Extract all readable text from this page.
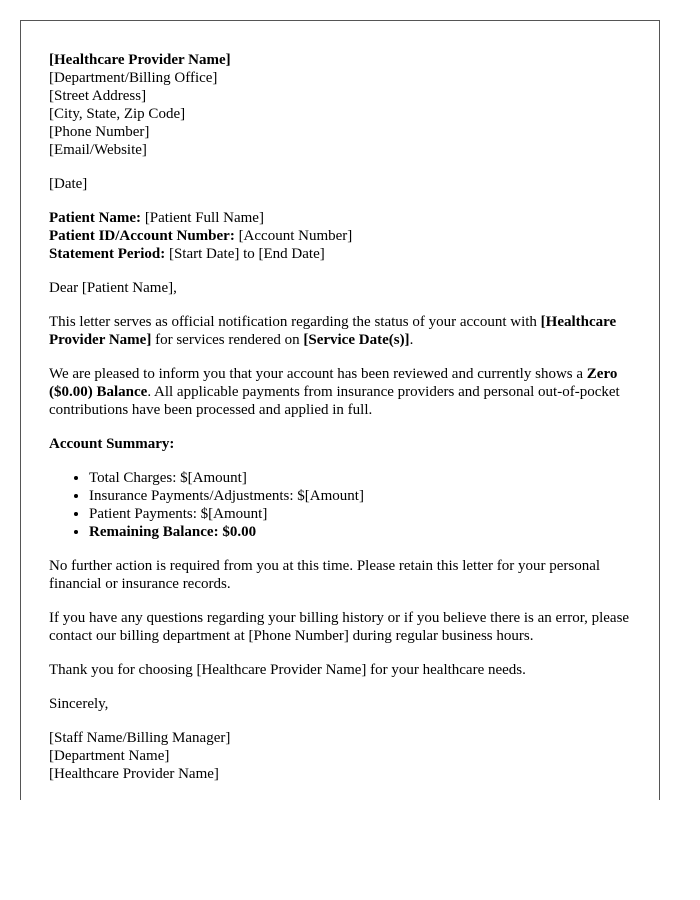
[Healthcare Provider Name]

[Department/Billing Office]

[Street Address]

[City, State, Zip Code]

[Phone Number]

[Email/Website]

[Date]

Patient Name: [Patient Full Name]

Patient ID/Account Number: [Account Number]

Statement Period: [Start Date] to [End Date]

Dear [Patient Name],

This letter serves as official notification regarding the status of your account with [Healthcare Provider Name] for services rendered on [Service Date(s)].

We are pleased to inform you that your account has been reviewed and currently shows a Zero ($0.00) Balance. All applicable payments from insurance providers and personal out-of-pocket contributions have been processed and applied in full.

Account Summary:

• Total Charges: $[Amount]
• Insurance Payments/Adjustments: $[Amount]
• Patient Payments: $[Amount]
• Remaining Balance: $0.00

No further action is required from you at this time. Please retain this letter for your personal financial or insurance records.

If you have any questions regarding your billing history or if you believe there is an error, please contact our billing department at [Phone Number] during regular business hours.

Thank you for choosing [Healthcare Provider Name] for your healthcare needs.

Sincerely,

[Staff Name/Billing Manager]

[Department Name]

[Healthcare Provider Name]
